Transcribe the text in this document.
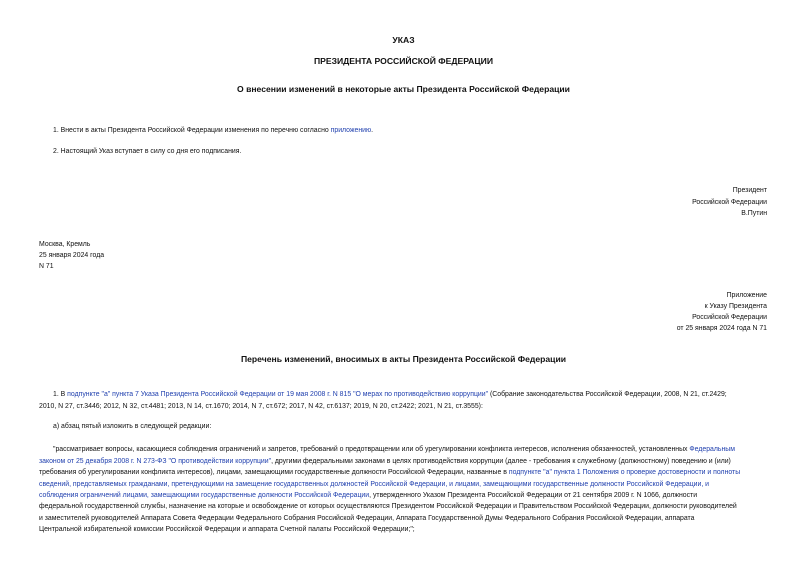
УКАЗ
ПРЕЗИДЕНТА РОССИЙСКОЙ ФЕДЕРАЦИИ
О внесении изменений в некоторые акты Президента Российской Федерации
1. Внести в акты Президента Российской Федерации изменения по перечню согласно приложению.
2. Настоящий Указ вступает в силу со дня его подписания.
Президент
Российской Федерации
В.Путин
Москва, Кремль
25 января 2024 года
N 71
Приложение
к Указу Президента
Российской Федерации
от 25 января 2024 года N 71
Перечень изменений, вносимых в акты Президента Российской Федерации
1. В подпункте "а" пункта 7 Указа Президента Российской Федерации от 19 мая 2008 г. N 815 "О мерах по противодействию коррупции" (Собрание законодательства Российской Федерации, 2008, N 21, ст.2429;
2010, N 27, ст.3446; 2012, N 32, ст.4481; 2013, N 14, ст.1670; 2014, N 7, ст.672; 2017, N 42, ст.6137; 2019, N 20, ст.2422; 2021, N 21, ст.3555):
а) абзац пятый изложить в следующей редакции:
"рассматривает вопросы, касающиеся соблюдения ограничений и запретов, требований о предотвращении или об урегулировании конфликта интересов, исполнения обязанностей, установленных Федеральным
законом от 25 декабря 2008 г. N 273-ФЗ "О противодействии коррупции", другими федеральными законами в целях противодействия коррупции (далее - требования к служебному (должностному) поведению и (или)
требования об урегулировании конфликта интересов), лицами, замещающими государственные должности Российской Федерации, названные в подпункте "а" пункта 1 Положения о проверке достоверности и полноты
сведений, представляемых гражданами, претендующими на замещение государственных должностей Российской Федерации, и лицами, замещающими государственные должности Российской Федерации, и
соблюдения ограничений лицами, замещающими государственные должности Российской Федерации, утвержденного Указом Президента Российской Федерации от 21 сентября 2009 г. N 1066, должности
федеральной государственной службы, назначение на которые и освобождение от которых осуществляются Президентом Российской Федерации и Правительством Российской Федерации, должности руководителей
и заместителей руководителей Аппарата Совета Федерации Федерального Собрания Российской Федерации, Аппарата Государственной Думы Федерального Собрания Российской Федерации, аппарата
Центральной избирательной комиссии Российской Федерации и аппарата Счетной палаты Российской Федерации;";
